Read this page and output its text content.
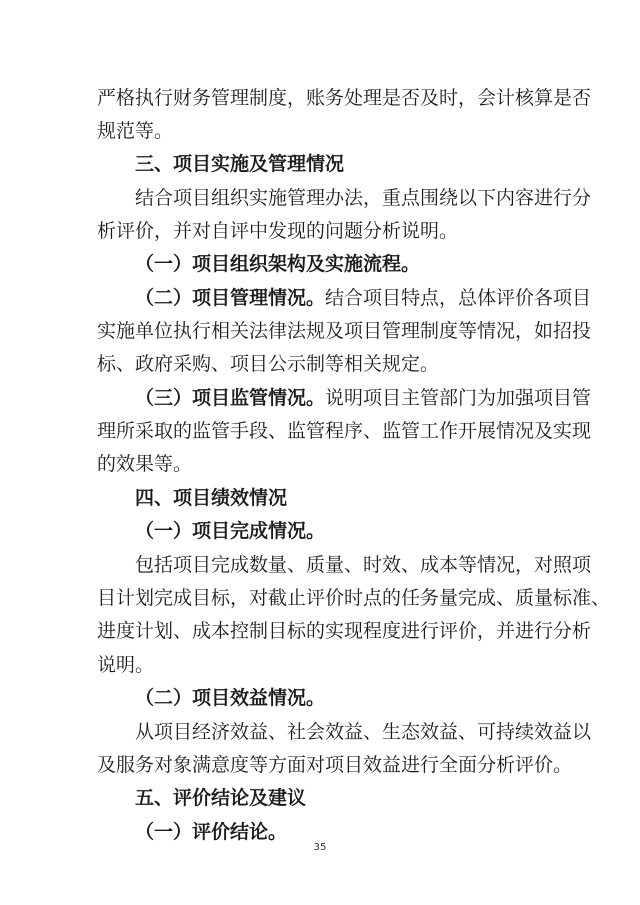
严格执行财务管理制度，账务处理是否及时，会计核算是否
规范等。
三、项目实施及管理情况
结合项目组织实施管理办法，重点围绕以下内容进行分
析评价，并对自评中发现的问题分析说明。
（一）项目组织架构及实施流程。
（二）项目管理情况。 结合项目特点，总体评价各项目
实施单位执行相关法律法规及项目管理制度等情况，如招投
标、政府采购、项目公示制等相关规定。
（三）项目监管情况。 说明项目主管部门为加强项目管
理所采取的监管手段、监管程序、监管工作开展情况及实现
的效果等。
四、项目绩效情况
（一）项目完成情况。
包括项目完成数量、质量、时效、成本等情况，对照项
目计划完成目标，对截止评价时点的任务量完成、质量标准、
进度计划、成本控制目标的实现程度进行评价，并进行分析
说明。
（二）项目效益情况。
从项目经济效益、社会效益、生态效益、可持续效益以
及服务对象满意度等方面对项目效益进行全面分析评价。
五、评价结论及建议
（一）评价结论。
35
